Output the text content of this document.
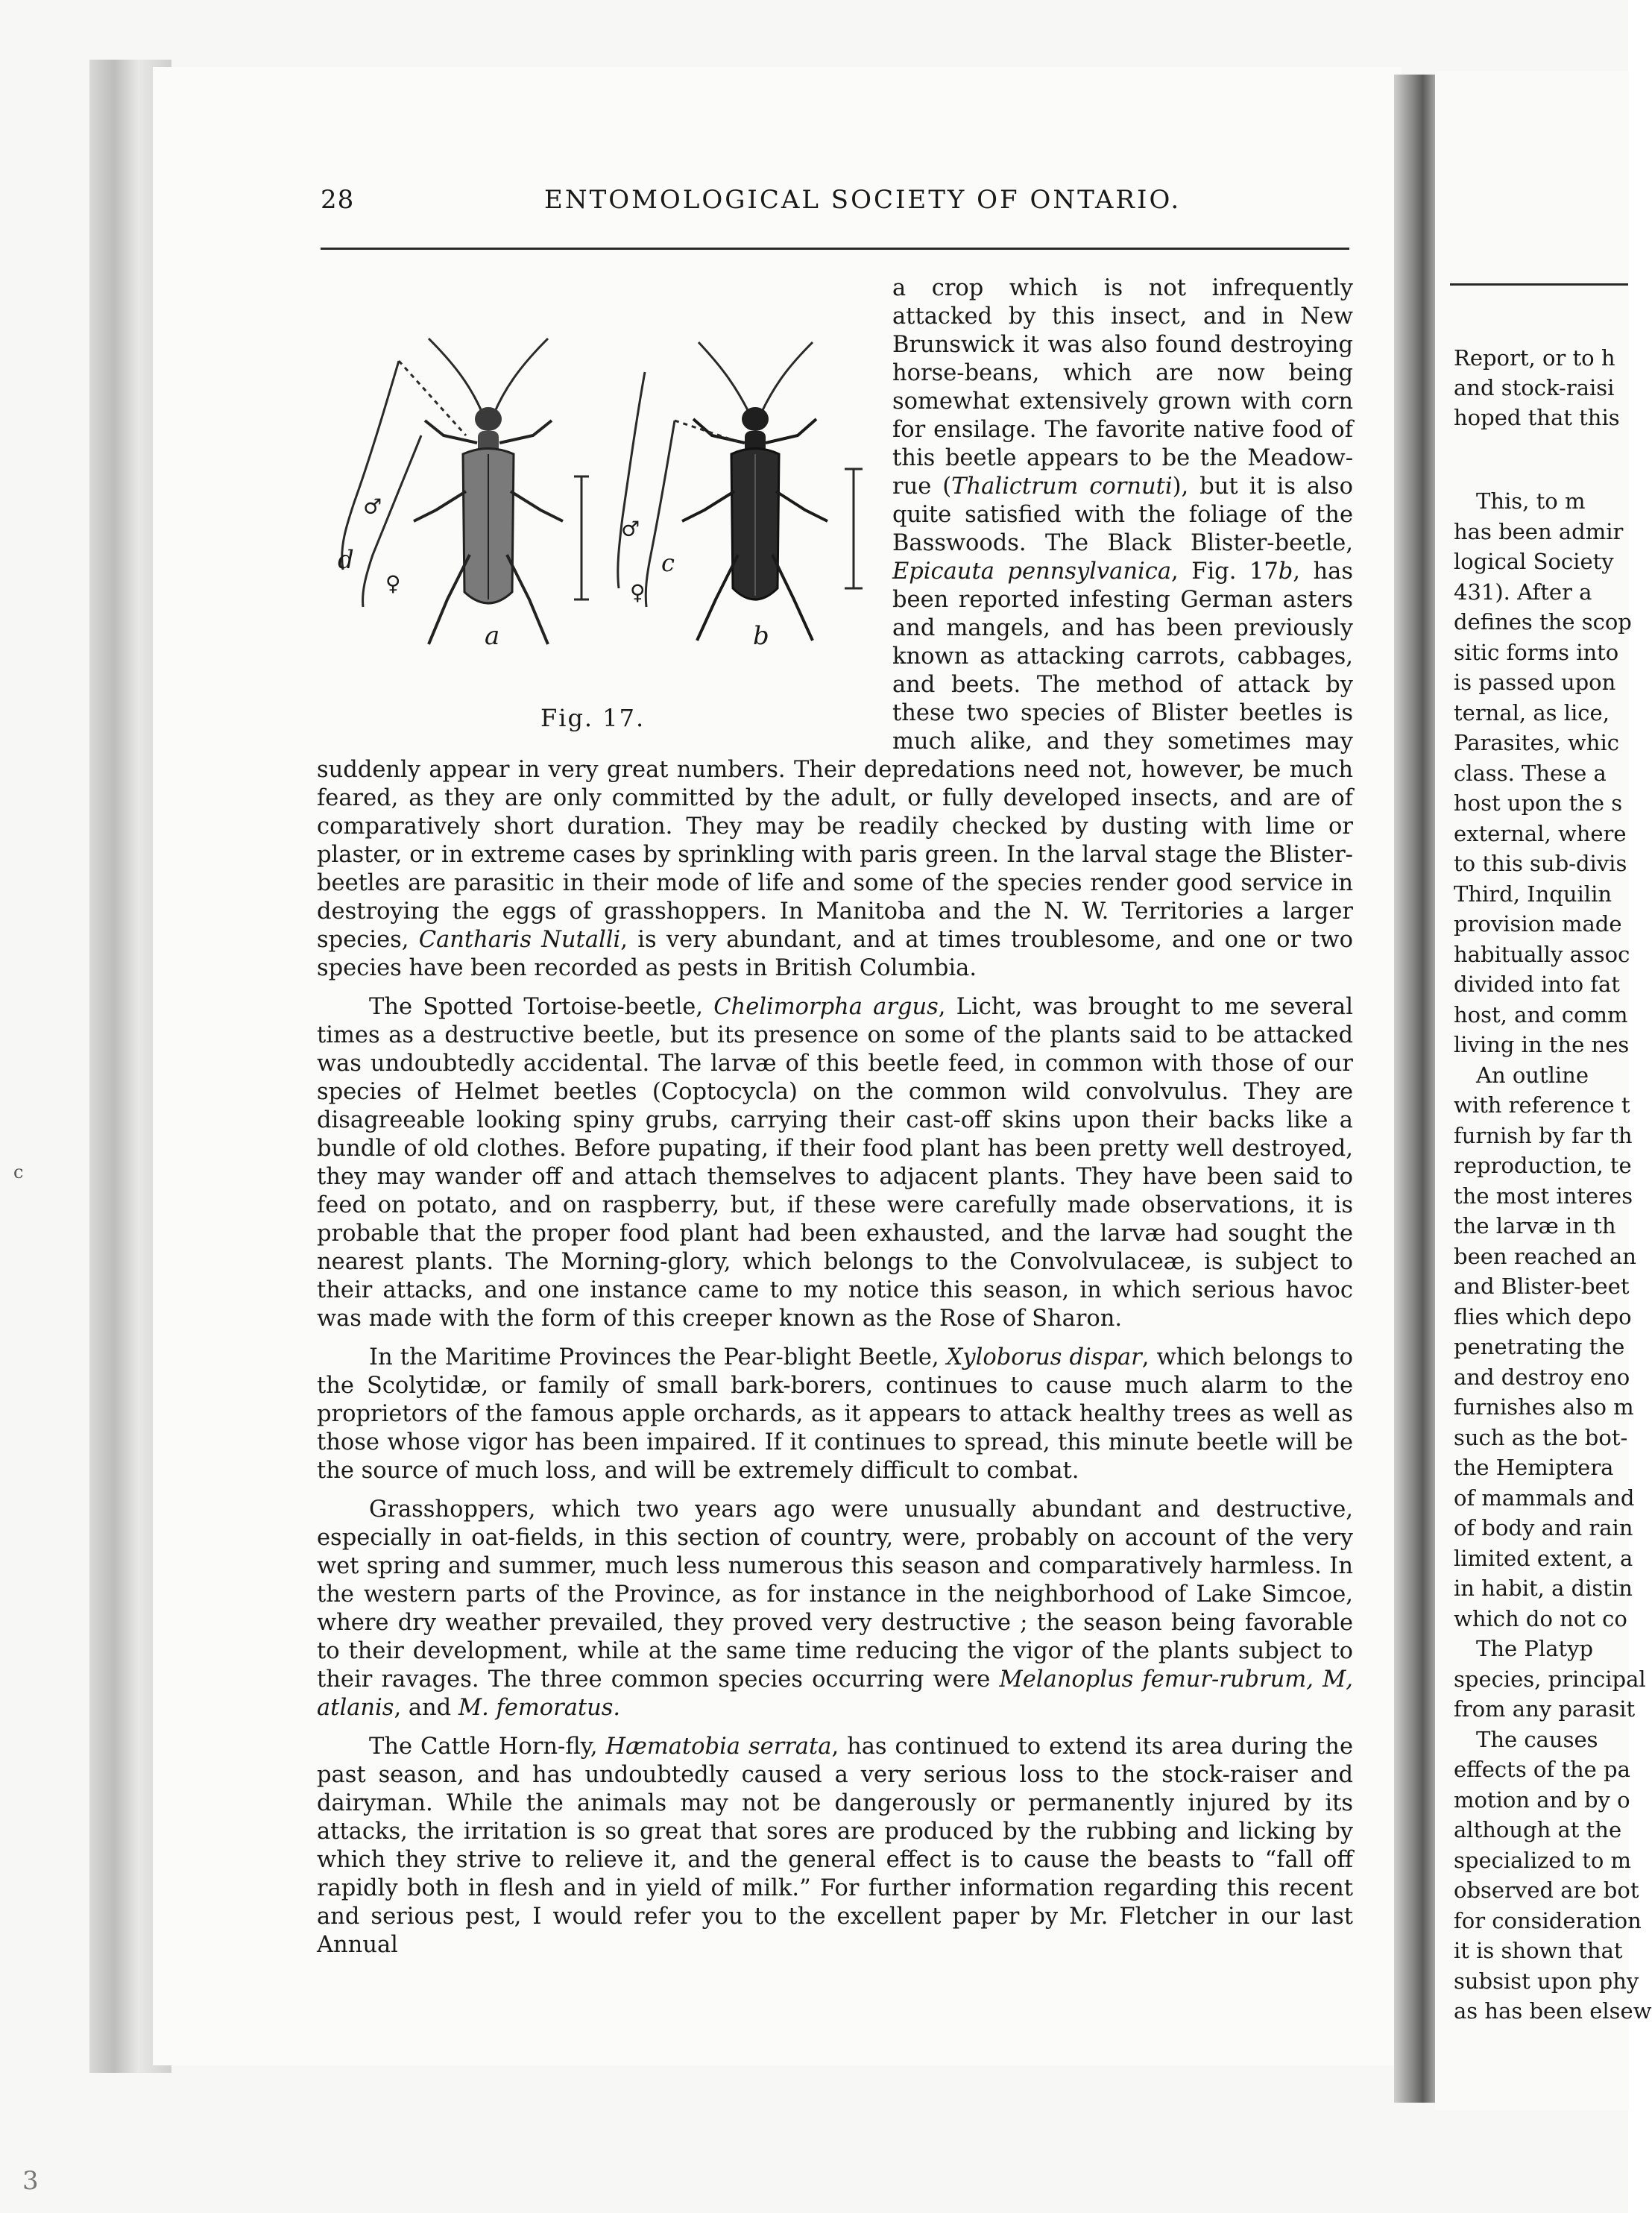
28	ENTOMOLOGICAL SOCIETY OF ONTARIO.

d
♂
♀
a
c
♂
♀
b
Fig. 17.
a crop which is not infrequently attacked by this insect, and in New Brunswick it was also found destroying horse-beans, which are now being somewhat extensively grown with corn for ensilage. The favorite native food of this beetle appears to be the Meadow-rue (Thalictrum cornuti), but it is also quite satisfied with the foliage of the Basswoods. The Black Blister-beetle, Epicauta pennsylvanica, Fig. 17b, has been reported infesting German asters and mangels, and has been previously known as attacking carrots, cabbages, and beets. The method of attack by these two species of Blister beetles is much alike, and they sometimes may suddenly appear in very great numbers. Their depredations need not, however, be much feared, as they are only committed by the adult, or fully developed insects, and are of comparatively short duration. They may be readily checked by dusting with lime or plaster, or in extreme cases by sprinkling with paris green. In the larval stage the Blister-beetles are parasitic in their mode of life and some of the species render good service in destroying the eggs of grasshoppers. In Manitoba and the N. W. Territories a larger species, Cantharis Nutalli, is very abundant, and at times troublesome, and one or two species have been recorded as pests in British Columbia.

The Spotted Tortoise-beetle, Chelimorpha argus, Licht, was brought to me several times as a destructive beetle, but its presence on some of the plants said to be attacked was undoubtedly accidental. The larvæ of this beetle feed, in common with those of our species of Helmet beetles (Coptocycla) on the common wild convolvulus. They are disagreeable looking spiny grubs, carrying their cast-off skins upon their backs like a bundle of old clothes. Before pupating, if their food plant has been pretty well destroyed, they may wander off and attach themselves to adjacent plants. They have been said to feed on potato, and on raspberry, but, if these were carefully made observations, it is probable that the proper food plant had been exhausted, and the larvæ had sought the nearest plants. The Morning-glory, which belongs to the Convolvulaceæ, is subject to their attacks, and one instance came to my notice this season, in which serious havoc was made with the form of this creeper known as the Rose of Sharon.

In the Maritime Provinces the Pear-blight Beetle, Xyloborus dispar, which belongs to the Scolytidæ, or family of small bark-borers, continues to cause much alarm to the proprietors of the famous apple orchards, as it appears to attack healthy trees as well as those whose vigor has been impaired. If it continues to spread, this minute beetle will be the source of much loss, and will be extremely difficult to combat.

Grasshoppers, which two years ago were unusually abundant and destructive, especially in oat-fields, in this section of country, were, probably on account of the very wet spring and summer, much less numerous this season and comparatively harmless. In the western parts of the Province, as for instance in the neighborhood of Lake Simcoe, where dry weather prevailed, they proved very destructive ; the season being favorable to their development, while at the same time reducing the vigor of the plants subject to their ravages. The three common species occurring were Melanoplus femur-rubrum, M, atlanis, and M. femoratus.

The Cattle Horn-fly, Hæmatobia serrata, has continued to extend its area during the past season, and has undoubtedly caused a very serious loss to the stock-raiser and dairyman. While the animals may not be dangerously or permanently injured by its attacks, the irritation is so great that sores are produced by the rubbing and licking by which they strive to relieve it, and the general effect is to cause the beasts to “fall off rapidly both in flesh and in yield of milk.” For further information regarding this recent and serious pest, I would refer you to the excellent paper by Mr. Fletcher in our last Annual

Report, or to h
and stock-raisi
hoped that this
This, to m
has been admir
logical Society
431). After a
defines the scop
sitic forms into
is passed upon
ternal, as lice,
Parasites, whic
class. These a
host upon the s
external, where
to this sub-divis
Third, Inquilin
provision made
habitually assoc
divided into fat
host, and comm
living in the nes
An outline
with reference t
furnish by far th
reproduction, te
the most interes
the larvæ in th
been reached an
and Blister-beet
flies which depo
penetrating the
and destroy eno
furnishes also m
such as the bot-
the Hemiptera
of mammals and
of body and rain
limited extent, a
in habit, a distin
which do not co
The Platyp
species, principal
from any parasit
The causes
effects of the pa
motion and by o
although at the
specialized to m
observed are bot
for consideration
it is shown that
subsist upon phy
as has been elsew
c
3
